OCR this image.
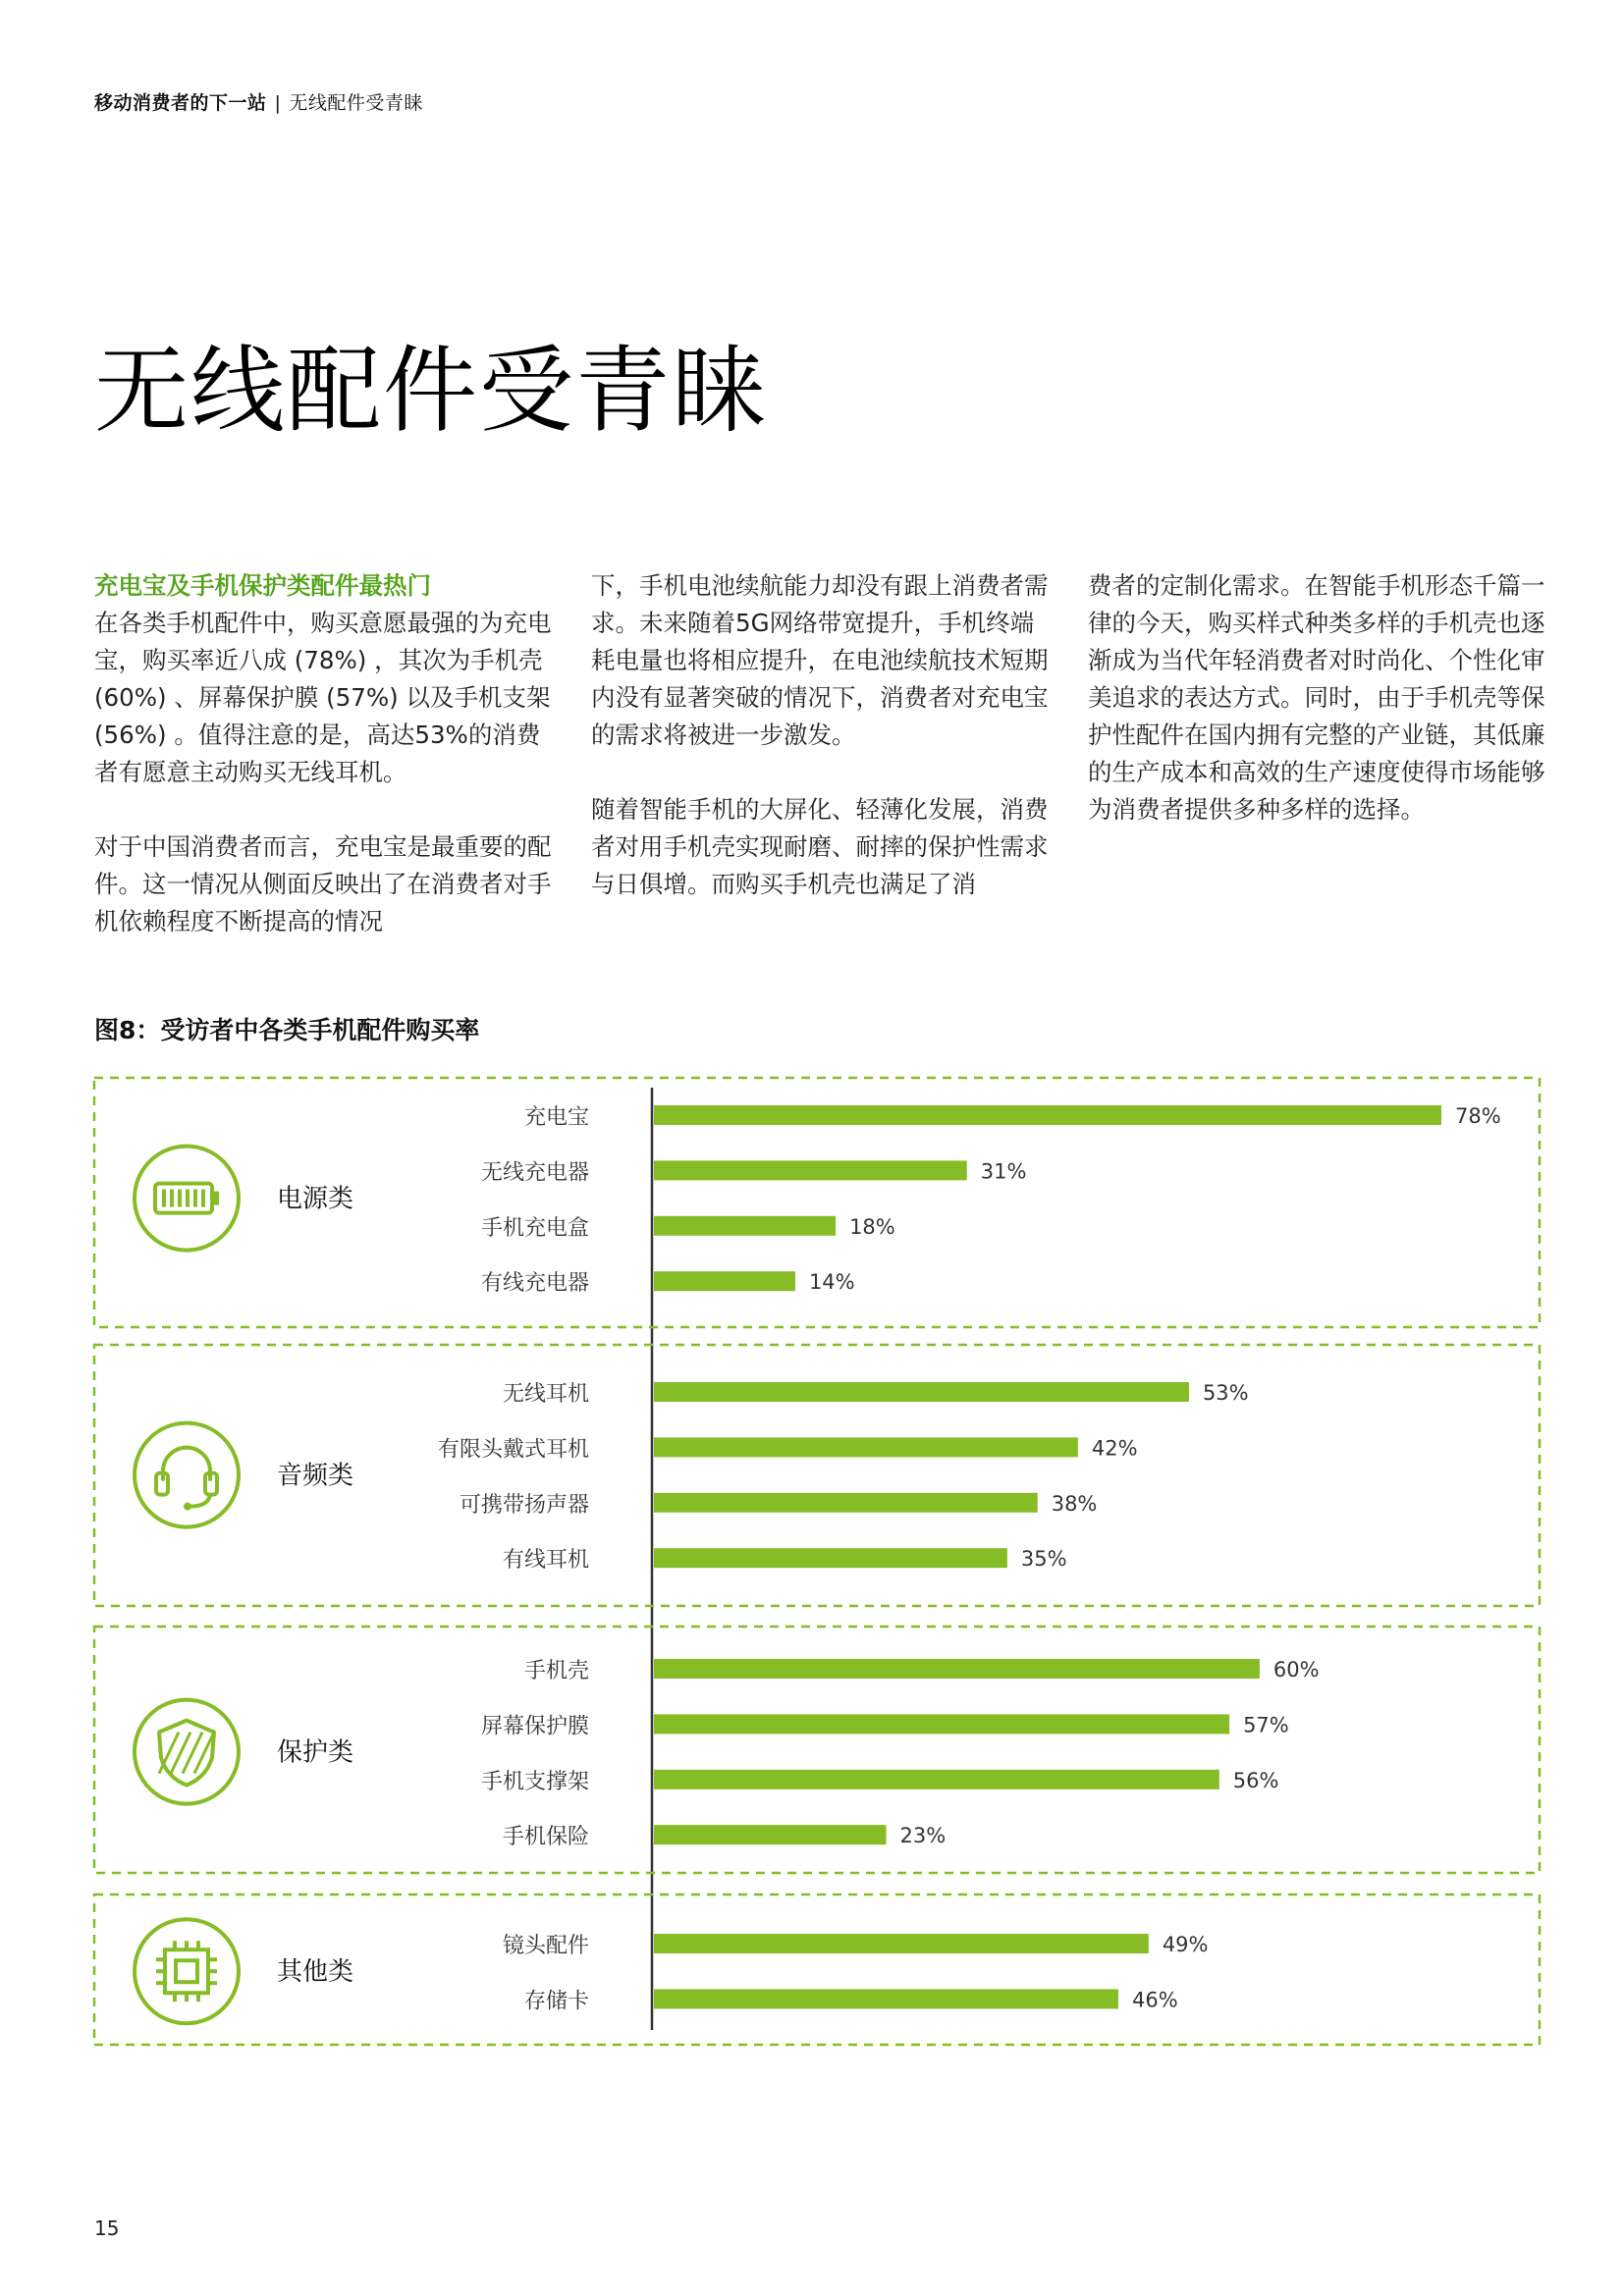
移动消费者的下一站 | 无线配件受青睐
无线配件受青睐

充电宝及手机保护类配件最热门
在各类手机配件中，购买意愿最强的为充电宝，购买率近八成 (78%) ，其次为手机壳 (60%) 、屏幕保护膜 (57%) 以及手机支架 (56%) 。值得注意的是，高达53%的消费者有愿意主动购买无线耳机。

对于中国消费者而言，充电宝是最重要的配件。这一情况从侧面反映出了在消费者对手机依赖程度不断提高的情况

下，手机电池续航能力却没有跟上消费者需求。未来随着5G网络带宽提升，手机终端耗电量也将相应提升，在电池续航技术短期内没有显著突破的情况下，消费者对充电宝的需求将被进一步激发。

随着智能手机的大屏化、轻薄化发展，消费者对用手机壳实现耐磨、耐摔的保护性需求与日俱增。而购买手机壳也满足了消

费者的定制化需求。在智能手机形态千篇一律的今天，购买样式种类多样的手机壳也逐渐成为当代年轻消费者对时尚化、个性化审美追求的表达方式。同时，由于手机壳等保护性配件在国内拥有完整的产业链，其低廉的生产成本和高效的生产速度使得市场能够为消费者提供多种多样的选择。

图8：受访者中各类手机配件购买率
电源类
充电宝	78%
无线充电器	31%
手机充电盒	18%
有线充电器	14%
音频类
无线耳机	53%
有限头戴式耳机	42%
可携带扬声器	38%
有线耳机	35%
保护类
手机壳	60%
屏幕保护膜	57%
手机支撑架	56%
手机保险	23%
其他类
镜头配件	49%
存储卡	46%
15
